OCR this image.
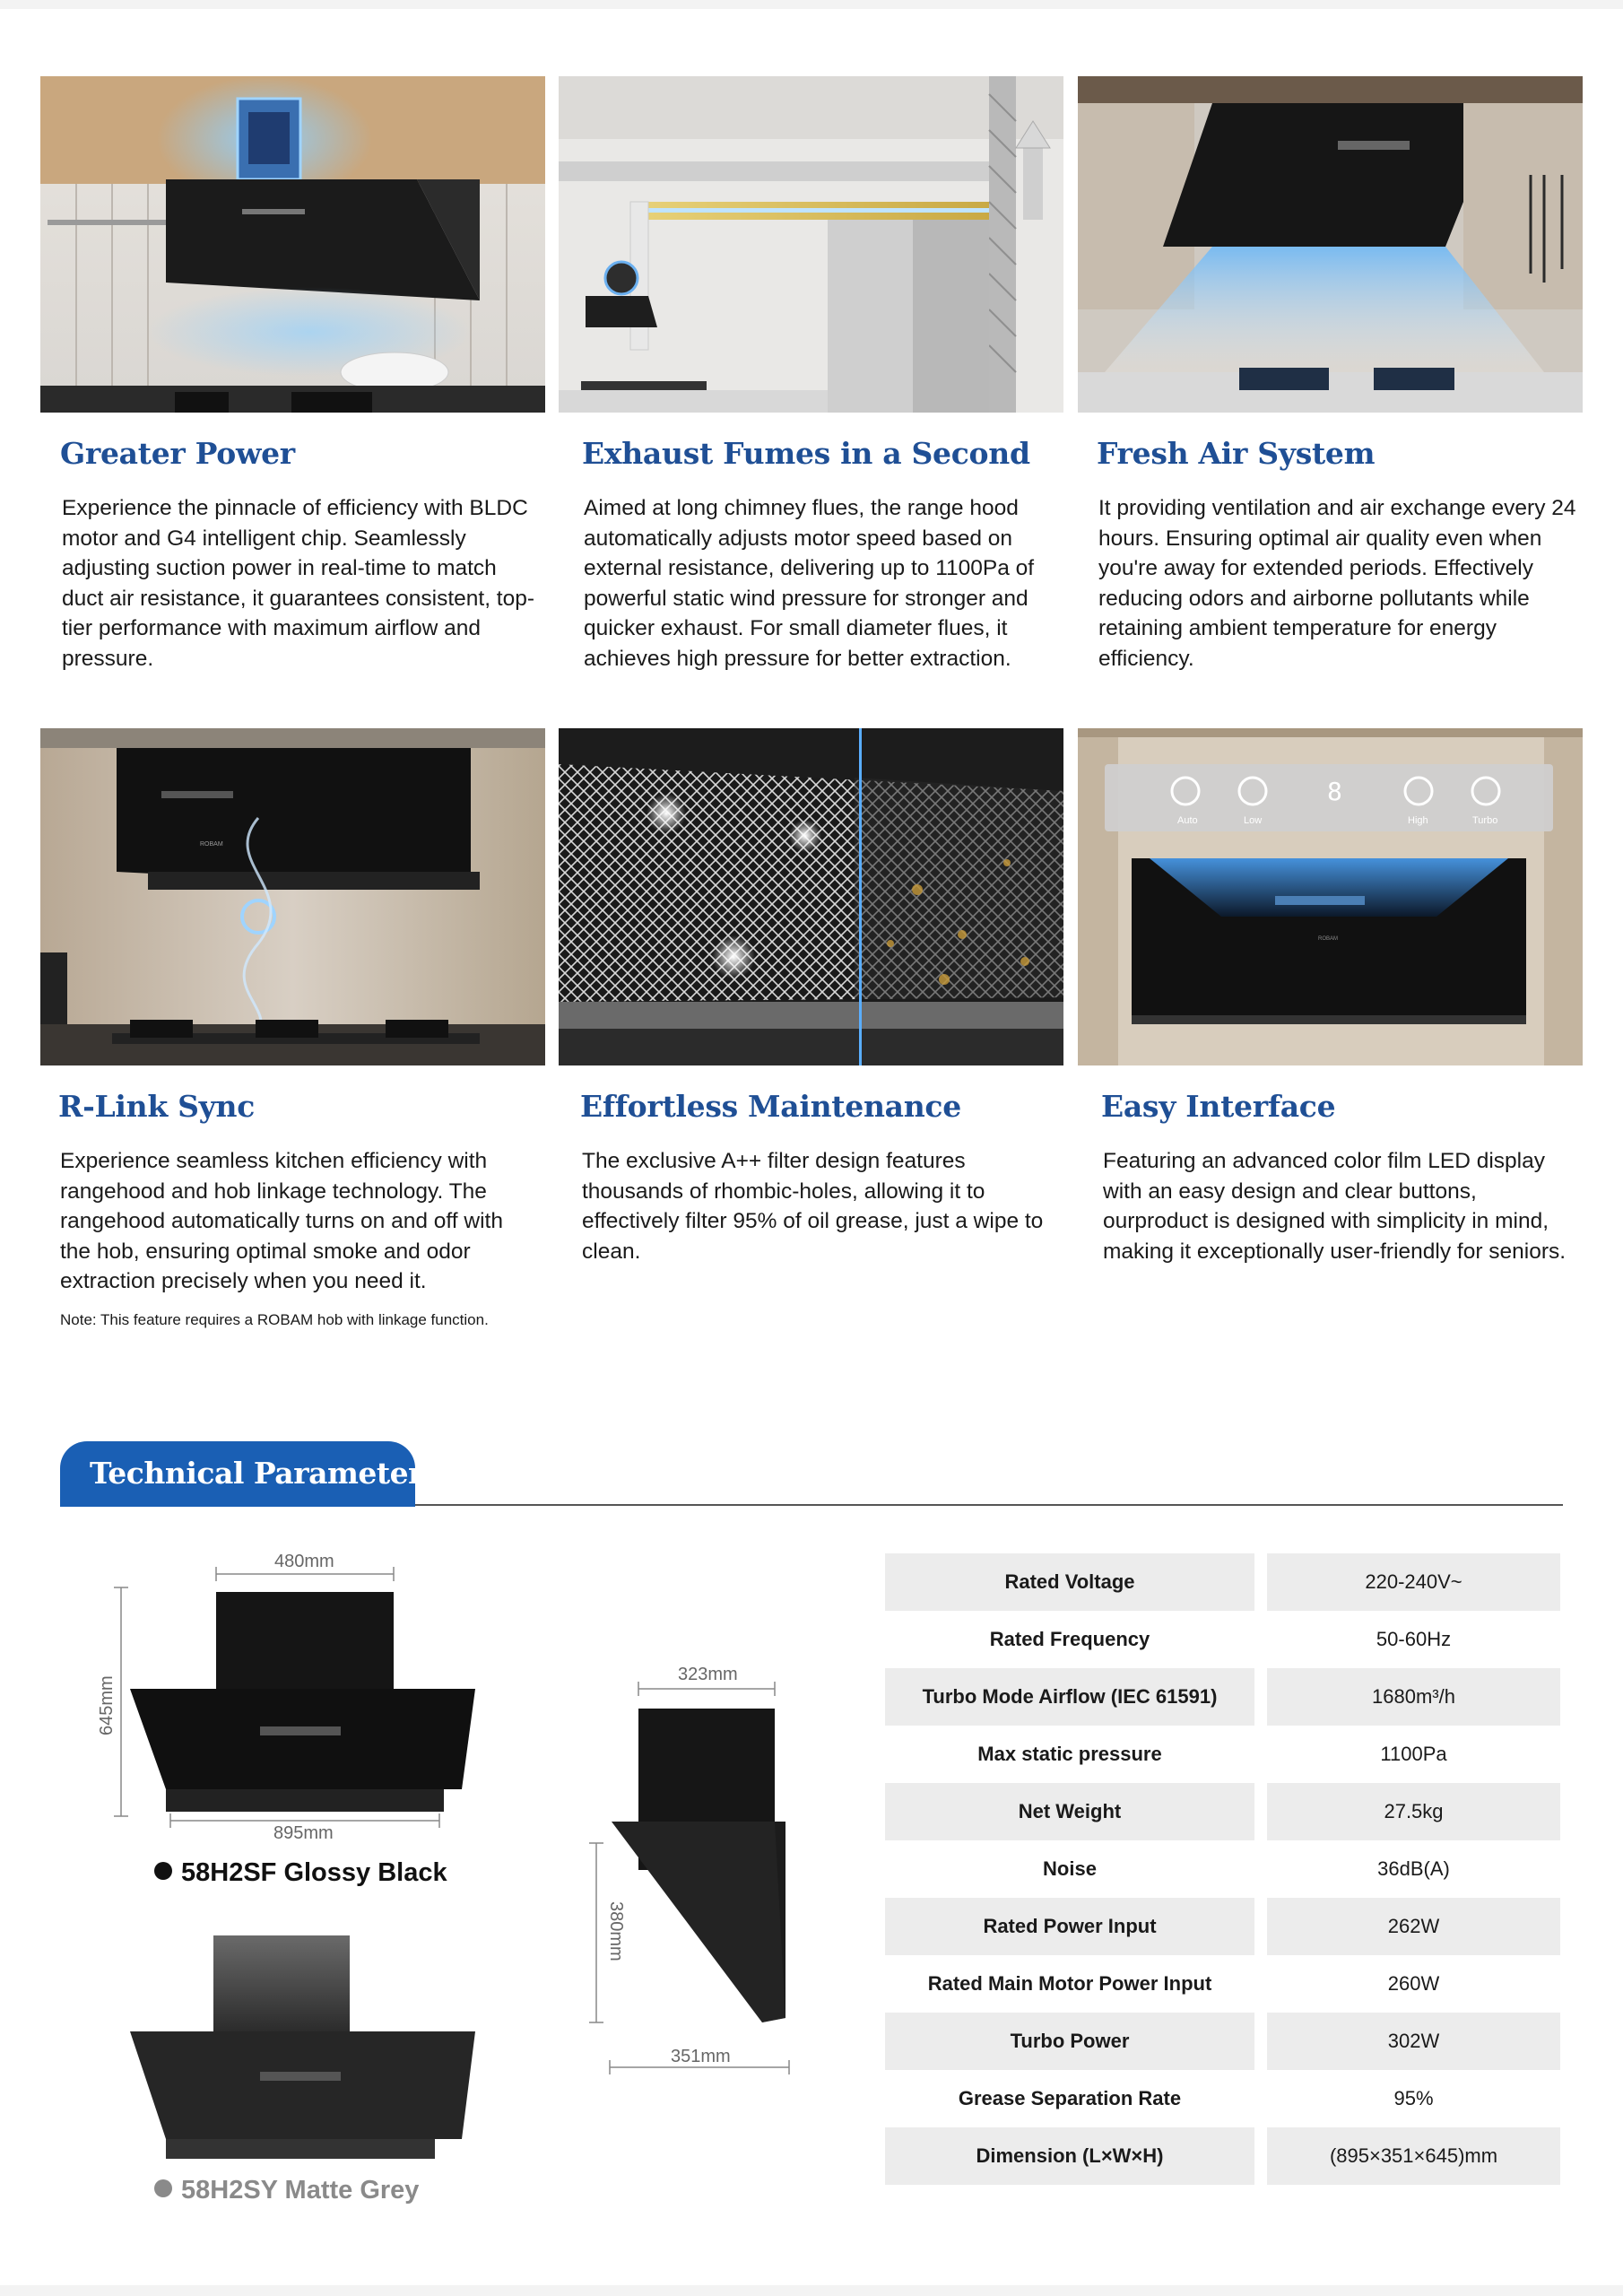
Greater Power
Experience the pinnacle of efficiency with BLDC motor and G4 intelligent chip. Seamlessly adjusting suction power in real-time to match duct air resistance, it guarantees consistent, top-tier performance with maximum airflow and pressure.
Exhaust Fumes in a Second
Aimed at long chimney flues, the range hood automatically adjusts motor speed based on external resistance, delivering up to 1100Pa of powerful static wind pressure for stronger and quicker exhaust. For small diameter flues, it achieves high pressure for better extraction.
Fresh Air System
It providing ventilation and air exchange every 24 hours. Ensuring optimal air quality even when you're away for extended periods. Effectively reducing odors and airborne pollutants while retaining ambient temperature for energy efficiency.
ROBAM
Auto	Low	High	Turbo
8
ROBAM
R-Link Sync
Experience seamless kitchen efficiency with rangehood and hob linkage technology. The rangehood automatically turns on and off with the hob, ensuring optimal smoke and odor extraction precisely when you need it.
Note: This feature requires a ROBAM hob with linkage function.
Effortless Maintenance
The exclusive A++ filter design features thousands of rhombic-holes, allowing it to effectively filter 95% of oil grease, just a wipe to clean.
Easy Interface
Featuring an advanced color film LED display with an easy design and clear buttons, ourproduct is designed with simplicity in mind, making it exceptionally user-friendly for seniors.
Technical Parameters
480mm
645mm
895mm
58H2SF Glossy Black
58H2SY Matte Grey
323mm
380mm
351mm
Rated Voltage	220-240V~
Rated Frequency	50-60Hz
Turbo Mode Airflow (IEC 61591)	1680m³/h
Max static pressure	1100Pa
Net Weight	27.5kg
Noise	36dB(A)
Rated Power Input	262W
Rated Main Motor Power Input	260W
Turbo Power	302W
Grease Separation Rate	95%
Dimension (L×W×H)	(895×351×645)mm
